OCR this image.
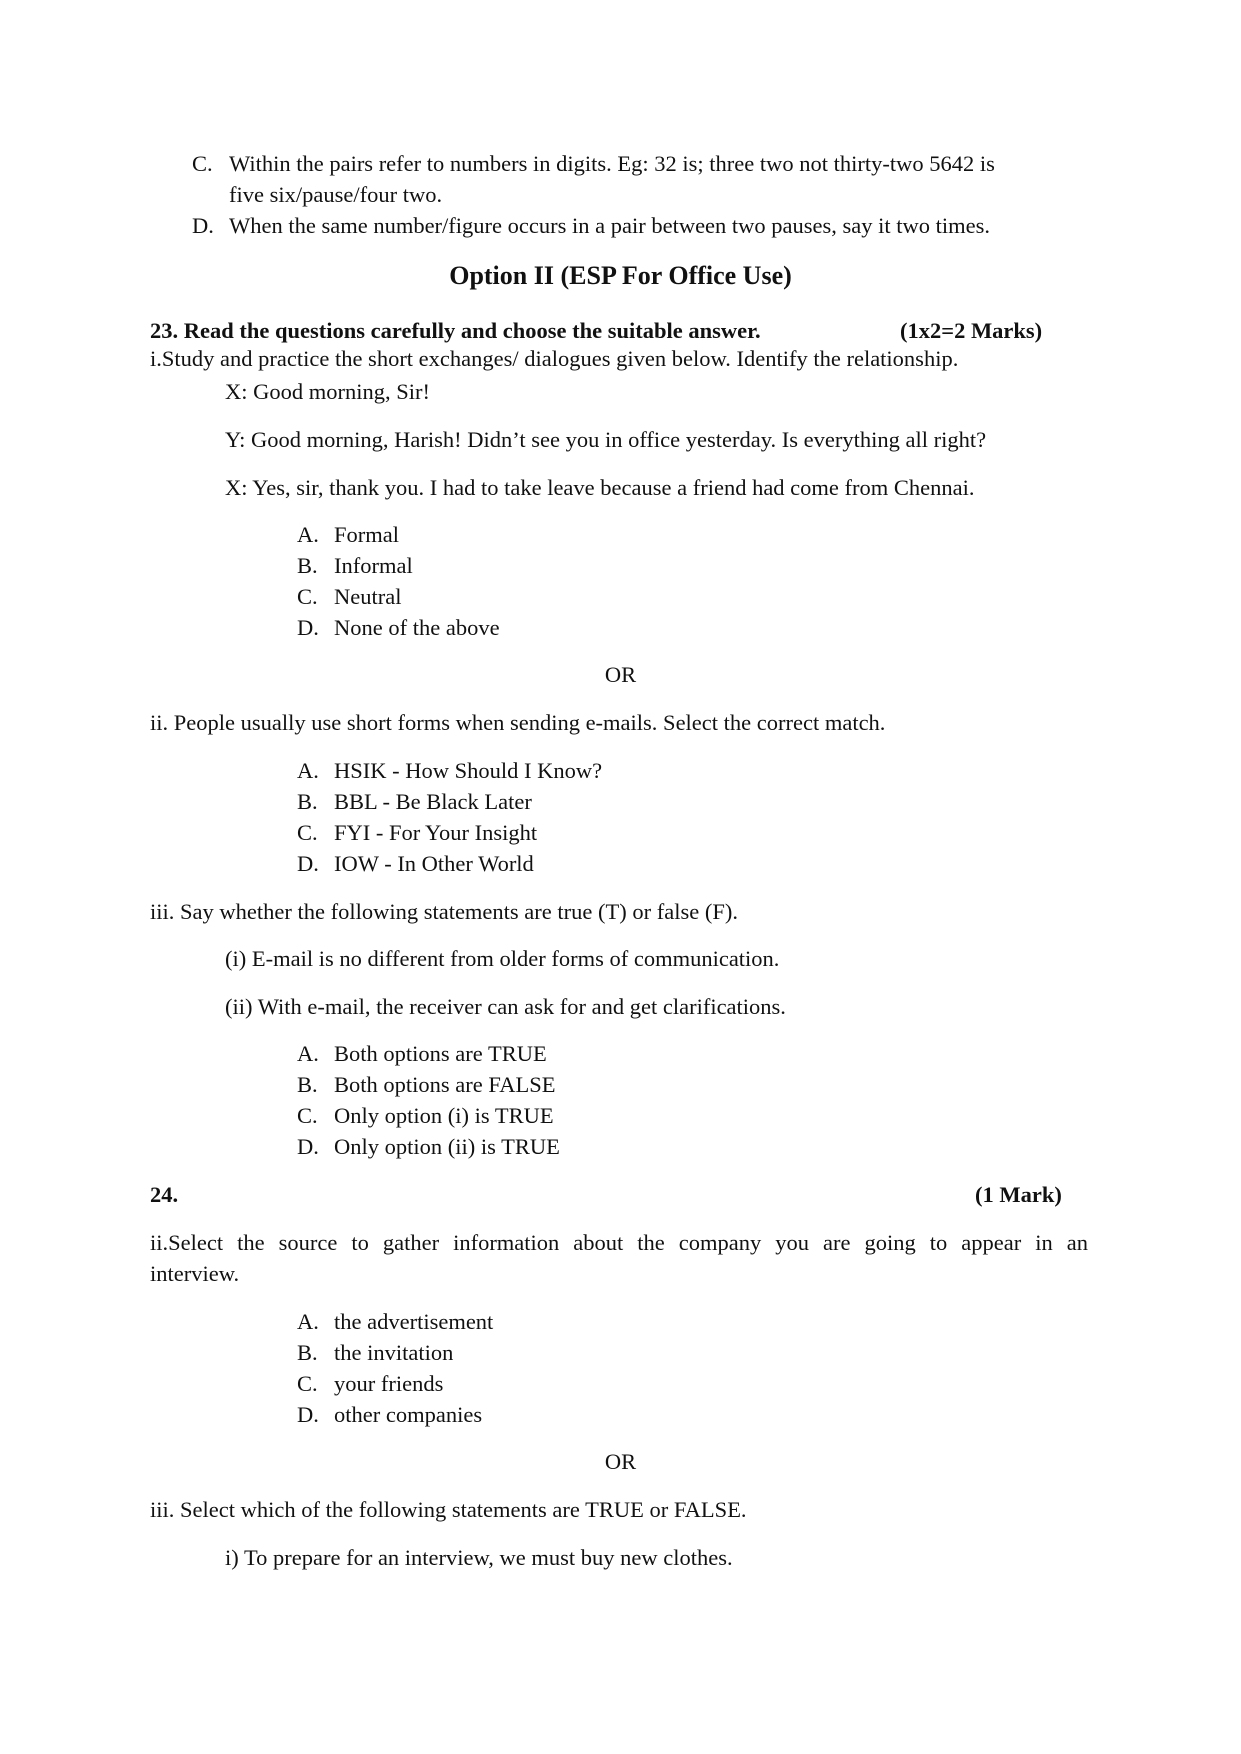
C. Within the pairs refer to numbers in digits. Eg: 32 is; three two not thirty-two 5642 is
five six/pause/four two.
D. When the same number/figure occurs in a pair between two pauses, say it two times.
Option II (ESP For Office Use)
23. Read the questions carefully and choose the suitable answer.	(1x2=2 Marks)
i.Study and practice the short exchanges/ dialogues given below. Identify the relationship.
X: Good morning, Sir!
Y: Good morning, Harish! Didn’t see you in office yesterday. Is everything all right?
X: Yes, sir, thank you. I had to take leave because a friend had come from Chennai.
A. Formal
B. Informal
C. Neutral
D. None of the above
OR
ii. People usually use short forms when sending e-mails. Select the correct match.
A. HSIK - How Should I Know?
B. BBL - Be Black Later
C. FYI - For Your Insight
D. IOW - In Other World
iii. Say whether the following statements are true (T) or false (F).
(i) E-mail is no different from older forms of communication.
(ii) With e-mail, the receiver can ask for and get clarifications.
A. Both options are TRUE
B. Both options are FALSE
C. Only option (i) is TRUE
D. Only option (ii) is TRUE
24.	(1 Mark)
ii.Select the source to gather information about the company you are going to appear in an
interview.
A. the advertisement
B. the invitation
C. your friends
D. other companies
OR
iii. Select which of the following statements are TRUE or FALSE.
i) To prepare for an interview, we must buy new clothes.
